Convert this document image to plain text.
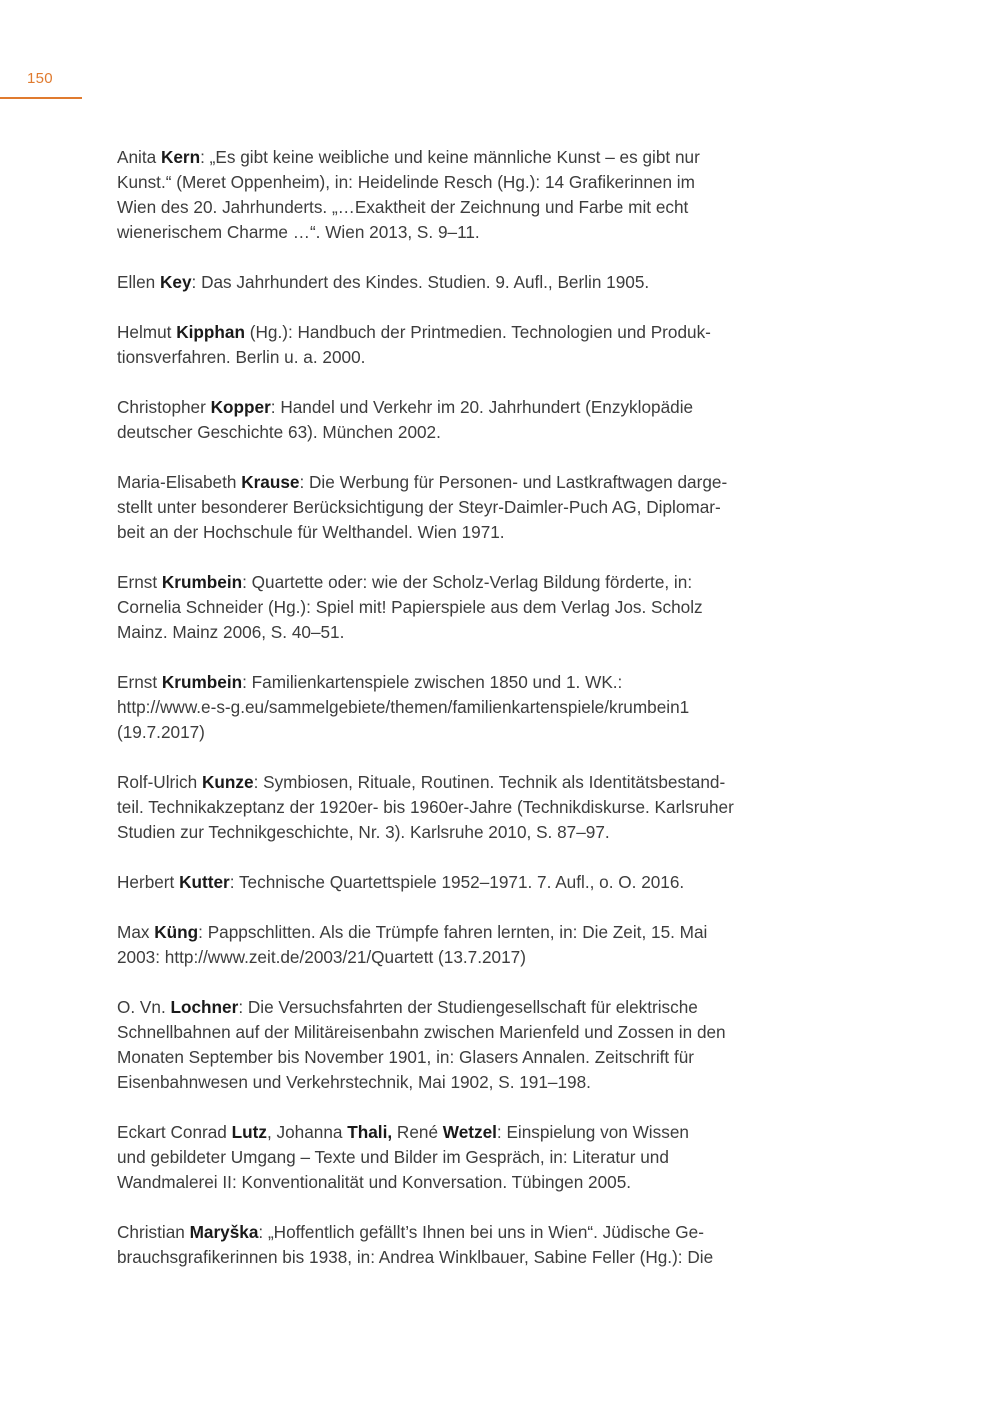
150

Anita Kern: „Es gibt keine weibliche und keine männliche Kunst – es gibt nur
Kunst.“ (Meret Oppenheim), in: Heidelinde Resch (Hg.): 14 Grafikerinnen im
Wien des 20. Jahrhunderts. „…Exaktheit der Zeichnung und Farbe mit echt
wienerischem Charme …“. Wien 2013, S. 9–11.

Ellen Key: Das Jahrhundert des Kindes. Studien. 9. Aufl., Berlin 1905.

Helmut Kipphan (Hg.): Handbuch der Printmedien. Technologien und Produk-
tionsverfahren. Berlin u. a. 2000.

Christopher Kopper: Handel und Verkehr im 20. Jahrhundert (Enzyklopädie
deutscher Geschichte 63). München 2002.

Maria-Elisabeth Krause: Die Werbung für Personen- und Lastkraftwagen darge-
stellt unter besonderer Berücksichtigung der Steyr-Daimler-Puch AG, Diplomar-
beit an der Hochschule für Welthandel. Wien 1971.

Ernst Krumbein: Quartette oder: wie der Scholz-Verlag Bildung förderte, in:
Cornelia Schneider (Hg.): Spiel mit! Papierspiele aus dem Verlag Jos. Scholz
Mainz. Mainz 2006, S. 40–51.

Ernst Krumbein: Familienkartenspiele zwischen 1850 und 1. WK.:
http://www.e-s-g.eu/sammelgebiete/themen/familienkartenspiele/krumbein1
(19.7.2017)

Rolf-Ulrich Kunze: Symbiosen, Rituale, Routinen. Technik als Identitätsbestand-
teil. Technikakzeptanz der 1920er- bis 1960er-Jahre (Technikdiskurse. Karlsruher
Studien zur Technikgeschichte, Nr. 3). Karlsruhe 2010, S. 87–97.

Herbert Kutter: Technische Quartettspiele 1952–1971. 7. Aufl., o. O. 2016.

Max Küng: Pappschlitten. Als die Trümpfe fahren lernten, in: Die Zeit, 15. Mai
2003: http://www.zeit.de/2003/21/Quartett (13.7.2017)

O. Vn. Lochner: Die Versuchsfahrten der Studiengesellschaft für elektrische
Schnellbahnen auf der Militäreisenbahn zwischen Marienfeld und Zossen in den
Monaten September bis November 1901, in: Glasers Annalen. Zeitschrift für
Eisenbahnwesen und Verkehrstechnik, Mai 1902, S. 191–198.

Eckart Conrad Lutz, Johanna Thali, René Wetzel: Einspielung von Wissen
und gebildeter Umgang – Texte und Bilder im Gespräch, in: Literatur und
Wandmalerei II: Konventionalität und Konversation. Tübingen 2005.

Christian Maryška: „Hoffentlich gefällt’s Ihnen bei uns in Wien“. Jüdische Ge-
brauchsgrafikerinnen bis 1938, in: Andrea Winklbauer, Sabine Feller (Hg.): Die
